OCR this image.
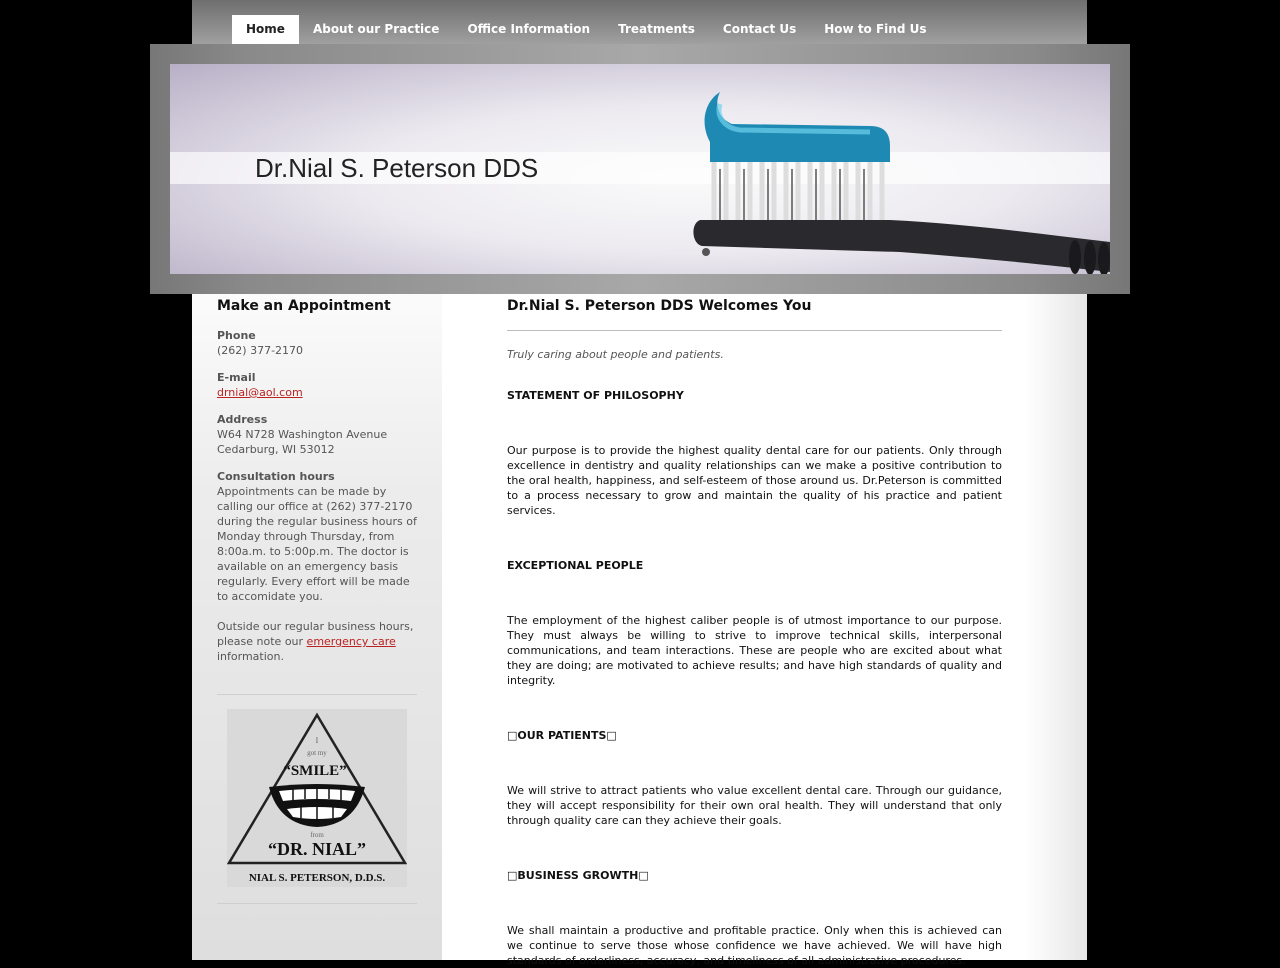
Home	About our Practice	Office Information	Treatments	Contact Us	How to Find Us
Dr.Nial S. Peterson DDS
Make an Appointment
Phone
(262) 377-2170
E-mail
drnial@aol.com
Address
W64 N728 Washington Avenue
Cedarburg, WI 53012
Consultation hours
Appointments can be made by calling our office at (262) 377-2170 during the regular business hours of Monday through Thursday, from 8:00a.m. to 5:00p.m. The doctor is available on an emergency basis regularly. Every effort will be made to accomidate you.
Outside our regular business hours, please note our emergency care information.
I
got my
“SMILE”
from
“DR. NIAL”
NIAL S. PETERSON, D.D.S.
Dr.Nial S. Peterson DDS Welcomes You

Truly caring about people and patients.

STATEMENT OF PHILOSOPHY

Our purpose is to provide the highest quality dental care for our patients. Only through excellence in dentistry and quality relationships can we make a positive contribution to the oral health, happiness, and self-esteem of those around us. Dr.Peterson is committed to a process necessary to grow and maintain the quality of his practice and patient services.

EXCEPTIONAL PEOPLE

The employment of the highest caliber people is of utmost importance to our purpose. They must always be willing to strive to improve technical skills, interpersonal communications, and team interactions. These are people who are excited about what they are doing; are motivated to achieve results; and have high standards of quality and integrity.

□OUR PATIENTS□

We will strive to attract patients who value excellent dental care. Through our guidance, they will accept responsibility for their own oral health. They will understand that only through quality care can they achieve their goals.

□BUSINESS GROWTH□

We shall maintain a productive and profitable practice. Only when this is achieved can we continue to serve those whose confidence we have achieved. We will have high standards of orderliness, accuracy, and timeliness of all administrative procedures.
